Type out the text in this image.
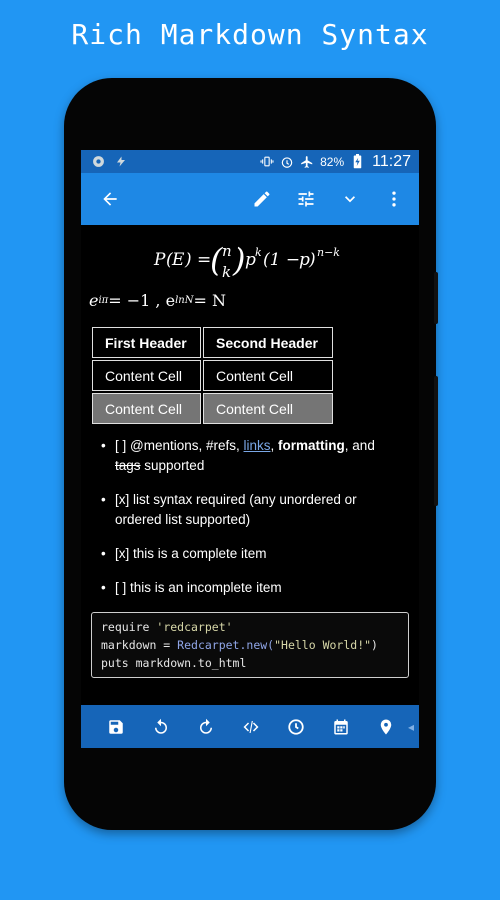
Rich Markdown Syntax
82% 11:27
P ( E ) =
( n
k ) p k (1 −
p ) n−k
e iπ = −1 , e lnN = N
First Header	Second Header
Content Cell	Content Cell
Content Cell	Content Cell
• [ ] @mentions, #refs, links, formatting, and tags supported
• [x] list syntax required (any unordered or ordered list supported)
• [x] this is a complete item
• [ ] this is an incomplete item
require 'redcarpet'
markdown = Redcarpet.new("Hello World!")
puts markdown.to_html
◂
